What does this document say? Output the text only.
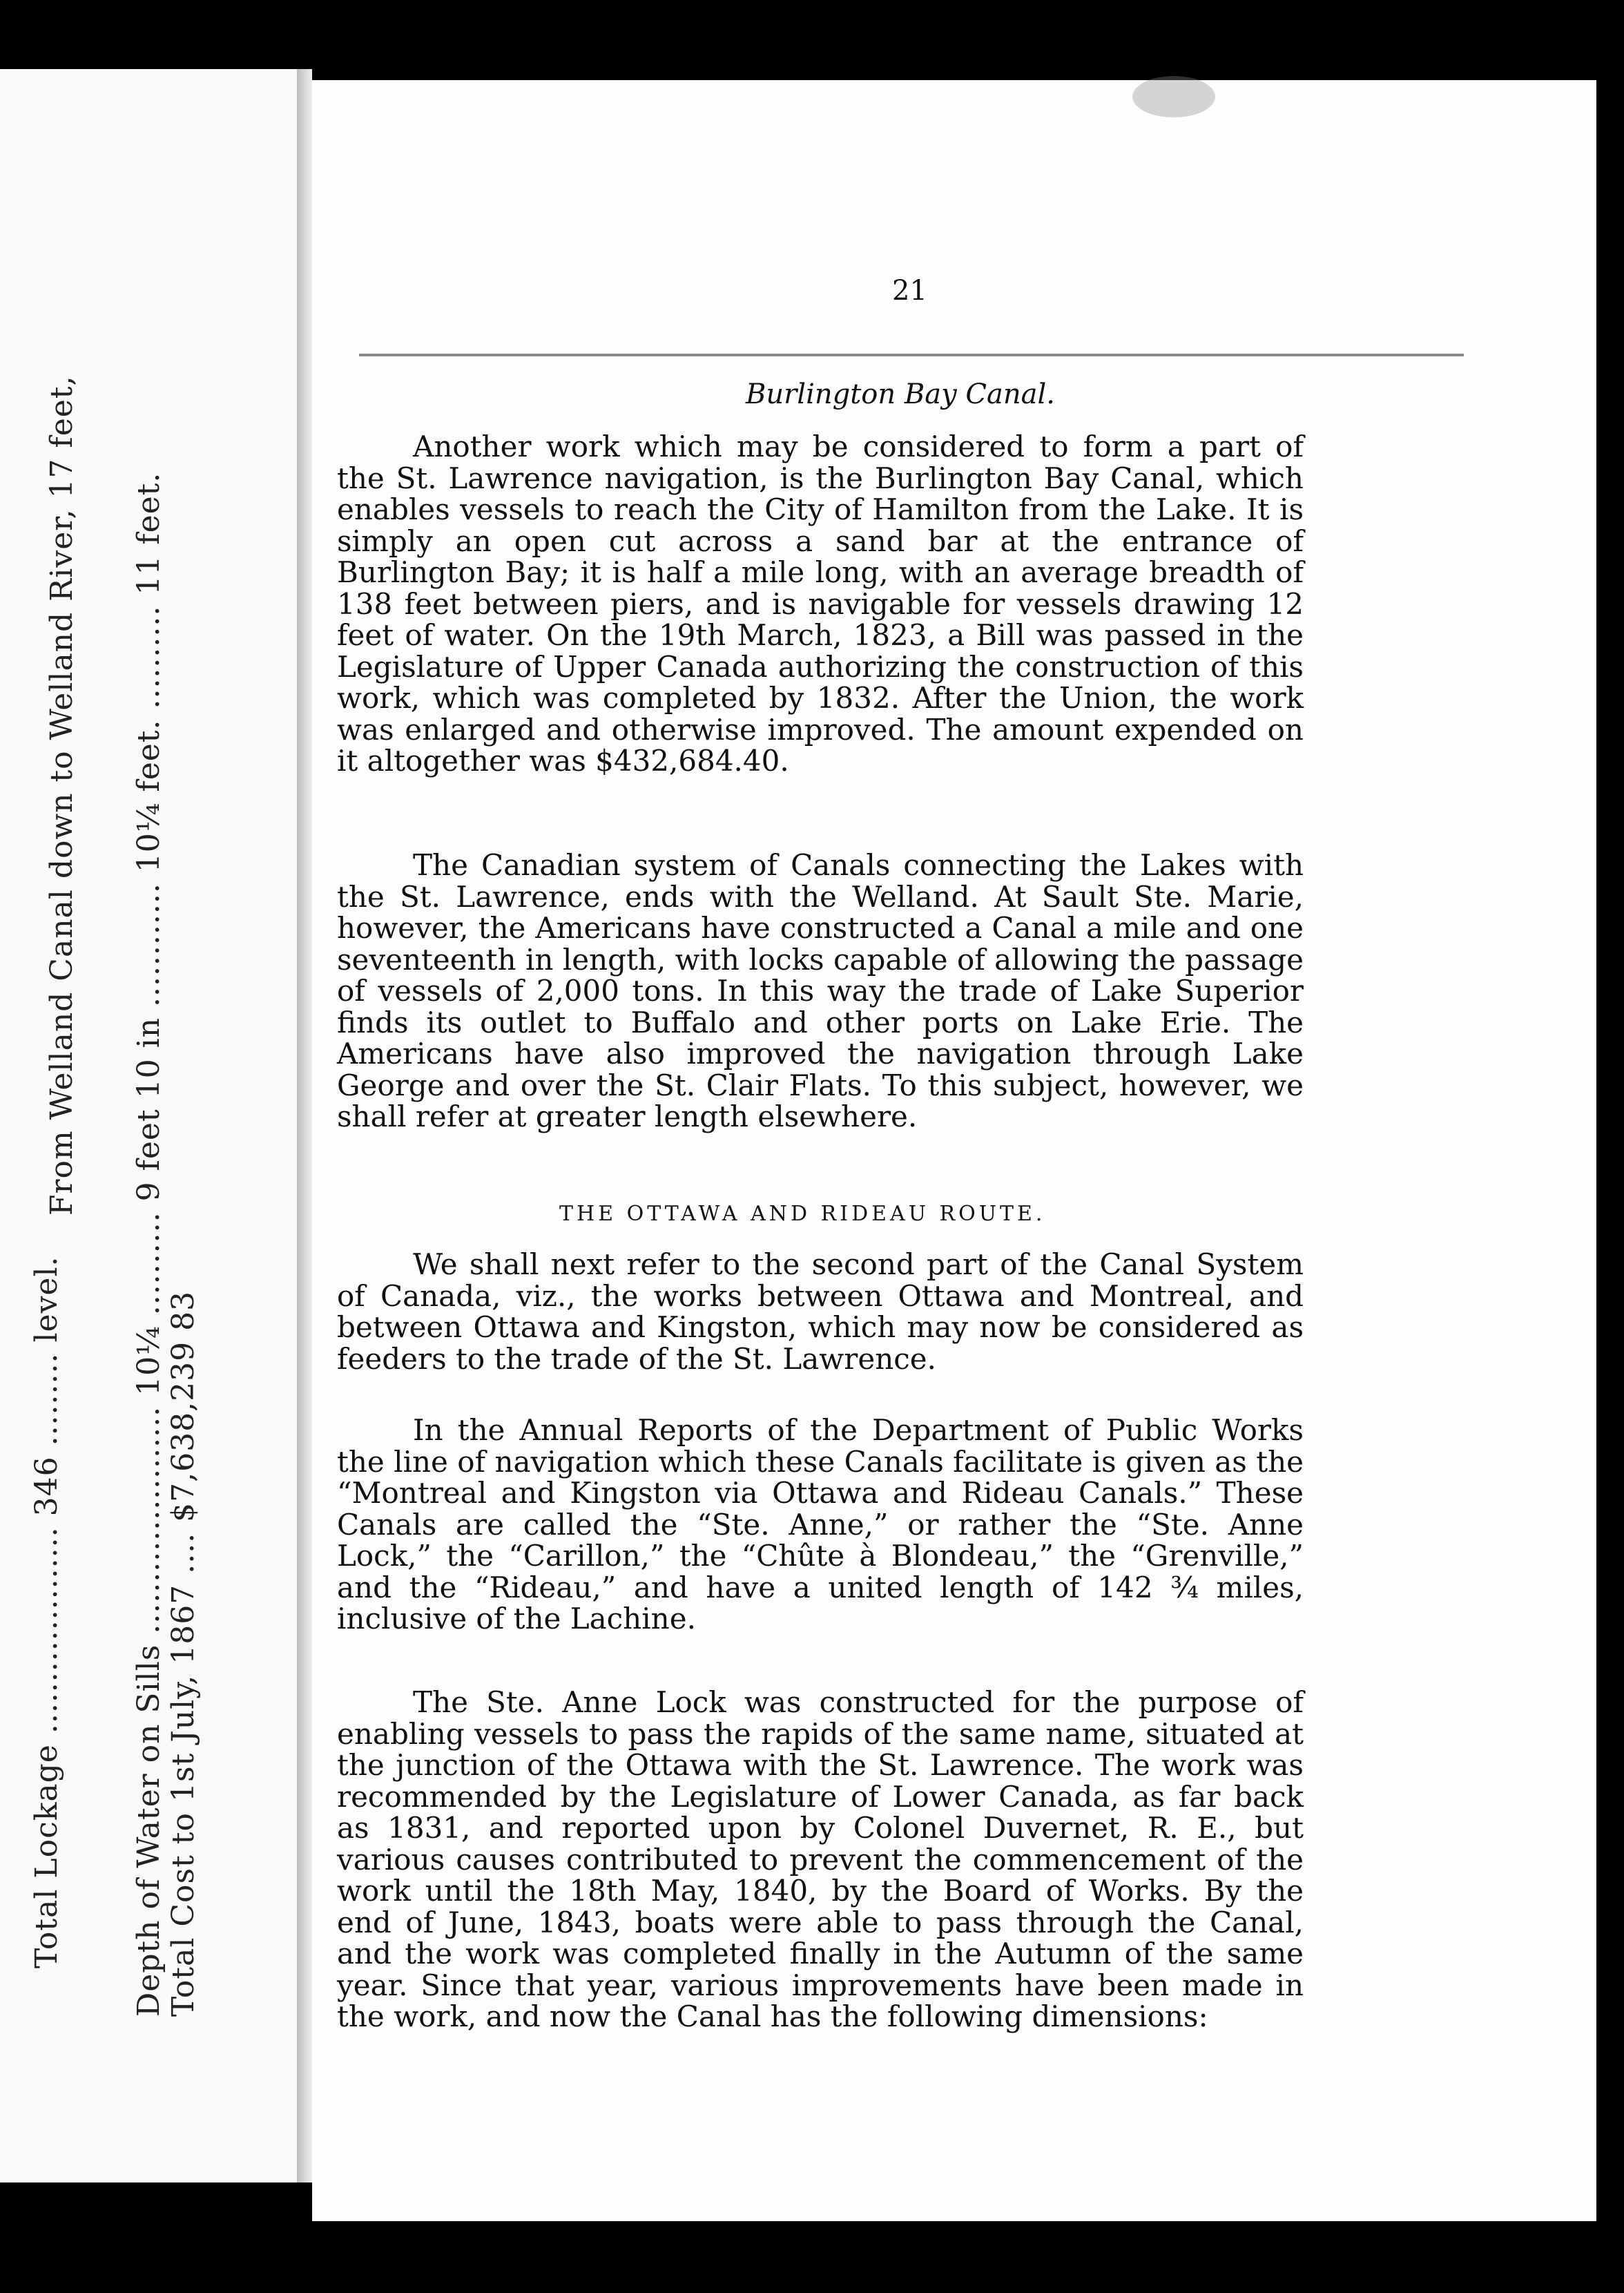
Total Lockage .................... 346 ......... level.
From Welland Canal down to Welland River, 17 feet,
Depth of Water on Sills ...................... 10¼ .......... 9 feet 10 in ............ 10¼ feet. .......... 11 feet.
Total Cost to 1st July, 1867 .... $7,638,239 83
21
Burlington Bay Canal.

Another work which may be considered to form a part of the St. Lawrence navigation, is the Burlington Bay Canal, which enables vessels to reach the City of Hamilton from the Lake. It is simply an open cut across a sand bar at the entrance of Burlington Bay; it is half a mile long, with an average breadth of 138 feet between piers, and is navigable for vessels drawing 12 feet of water. On the 19th March, 1823, a Bill was passed in the Legislature of Upper Canada authorizing the construction of this work, which was completed by 1832. After the Union, the work was enlarged and otherwise improved. The amount expended on it altogether was $432,684.40.

The Canadian system of Canals connecting the Lakes with the St. Lawrence, ends with the Welland. At Sault Ste. Marie, however, the Americans have constructed a Canal a mile and one seventeenth in length, with locks capable of allowing the passage of vessels of 2,000 tons. In this way the trade of Lake Superior finds its outlet to Buffalo and other ports on Lake Erie. The Americans have also improved the navigation through Lake George and over the St. Clair Flats. To this subject, however, we shall refer at greater length elsewhere.

THE OTTAWA AND RIDEAU ROUTE.

We shall next refer to the second part of the Canal System of Canada, viz., the works between Ottawa and Montreal, and between Ottawa and Kingston, which may now be considered as feeders to the trade of the St. Lawrence.

In the Annual Reports of the Department of Public Works the line of navigation which these Canals facilitate is given as the “Montreal and Kingston via Ottawa and Rideau Canals.” These Canals are called the “Ste. Anne,” or rather the “Ste. Anne Lock,” the “Carillon,” the “Chûte à Blondeau,” the “Grenville,” and the “Rideau,” and have a united length of 142 ¾ miles, inclusive of the Lachine.

The Ste. Anne Lock was constructed for the purpose of enabling vessels to pass the rapids of the same name, situated at the junction of the Ottawa with the St. Lawrence. The work was recommended by the Legislature of Lower Canada, as far back as 1831, and reported upon by Colonel Duvernet, R. E., but various causes contributed to prevent the commencement of the work until the 18th May, 1840, by the Board of Works. By the end of June, 1843, boats were able to pass through the Canal, and the work was completed finally in the Autumn of the same year. Since that year, various improvements have been made in the work, and now the Canal has the following dimensions:
